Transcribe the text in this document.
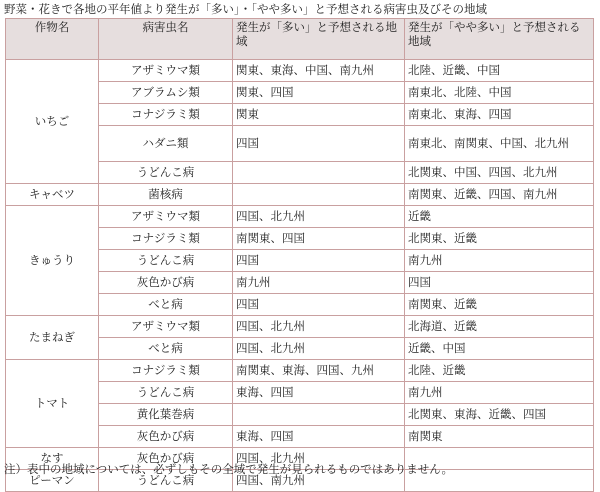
野菜・花きで各地の平年値より発生が「多い」・「やや多い」と予想される病害虫及びその地域
作物名	病害虫名	発生が「多い」と予想される地域	発生が「やや多い」と予想される地域
いちご	アザミウマ類	関東、東海、中国、南九州	北陸、近畿、中国
	アブラムシ類	関東、四国	南東北、北陸、中国
	コナジラミ類	関東	南東北、東海、四国
	ハダニ類	四国	南東北、南関東、中国、北九州
	うどんこ病		北関東、中国、四国、北九州
キャベツ	菌核病		南関東、近畿、四国、南九州
きゅうり	アザミウマ類	四国、北九州	近畿
	コナジラミ類	南関東、四国	北関東、近畿
	うどんこ病	四国	南九州
	灰色かび病	南九州	四国
	べと病	四国	南関東、近畿
たまねぎ	アザミウマ類	四国、北九州	北海道、近畿
	べと病	四国、北九州	近畿、中国
トマト	コナジラミ類	南関東、東海、四国、九州	北陸、近畿
	うどんこ病	東海、四国	南九州
	黄化葉巻病		北関東、東海、近畿、四国
	灰色かび病	東海、四国	南関東
なす	灰色かび病	四国、北九州	
ピーマン	うどんこ病	四国、南九州	
注）表中の地域については、必ずしもその全域で発生が見られるものではありません。
